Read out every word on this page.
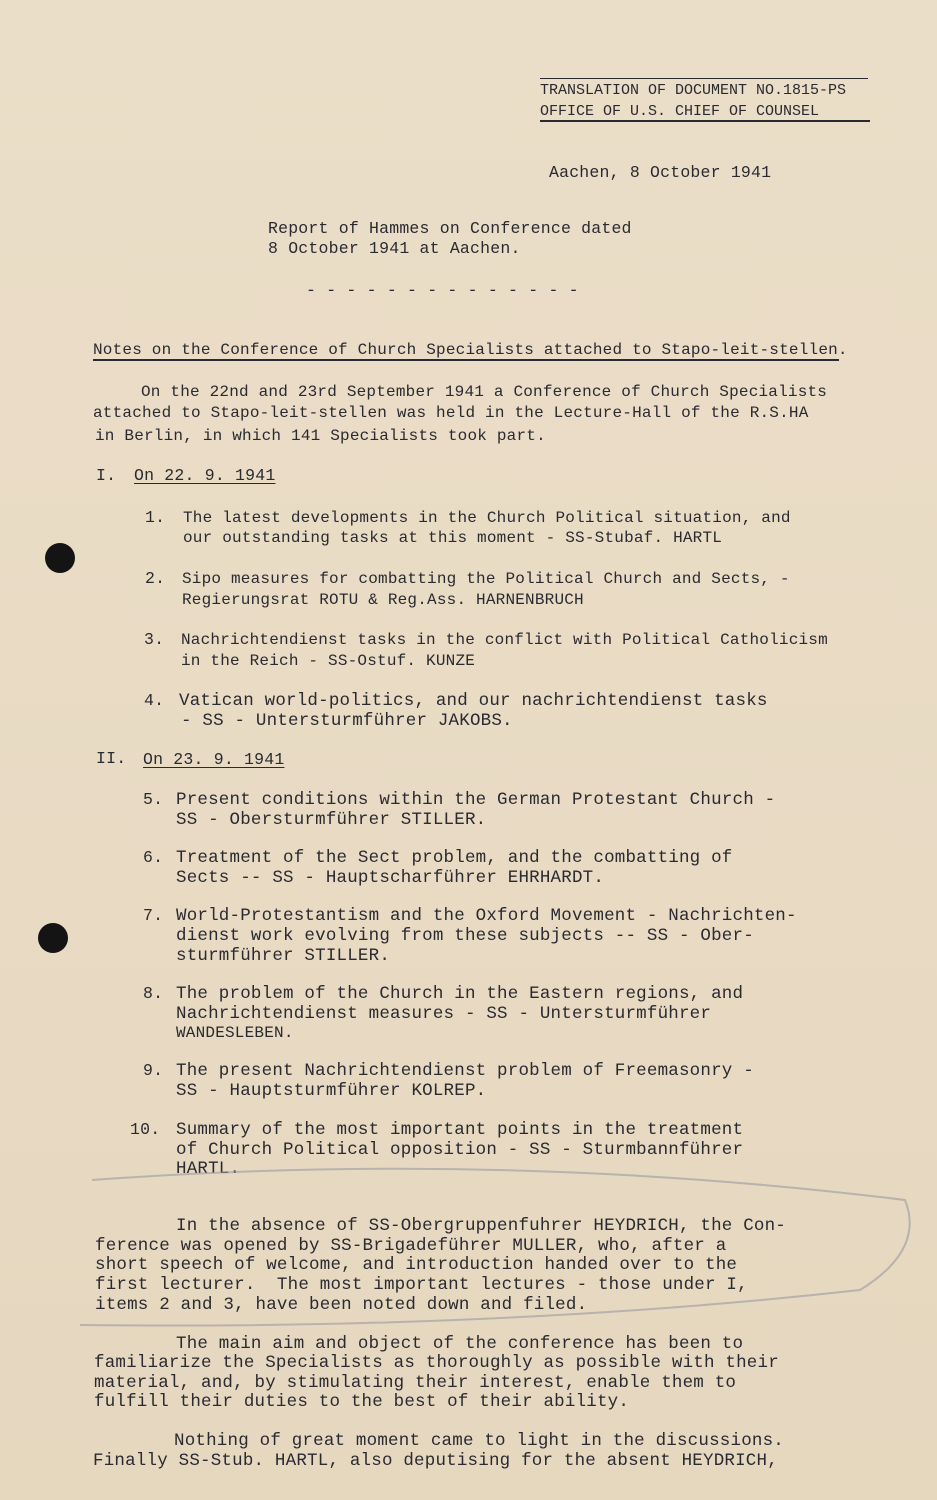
TRANSLATION OF DOCUMENT NO.1815-PS
OFFICE OF U.S. CHIEF OF COUNSEL
Aachen, 8 October 1941
Report of Hammes on Conference dated
8 October 1941 at Aachen.
- - - - - - - - - - - - - -
Notes on the Conference of Church Specialists attached to Stapo-leit-stellen.
On the 22nd and 23rd September 1941 a Conference of Church Specialists
attached to Stapo-leit-stellen was held in the Lecture-Hall of the R.S.HA
in Berlin, in which 141 Specialists took part.
I. On 22. 9. 1941
1. The latest developments in the Church Political situation, and
our outstanding tasks at this moment - SS-Stubaf. HARTL
2. Sipo measures for combatting the Political Church and Sects, -
Regierungsrat ROTU & Reg.Ass. HARNENBRUCH
3. Nachrichtendienst tasks in the conflict with Political Catholicism
in the Reich - SS-Ostuf. KUNZE
4. Vatican world-politics, and our nachrichtendienst tasks
- SS - Untersturmführer JAKOBS.
II. On 23. 9. 1941
5. Present conditions within the German Protestant Church -
SS - Obersturmführer STILLER.
6. Treatment of the Sect problem, and the combatting of
Sects -- SS - Hauptscharführer EHRHARDT.
7. World-Protestantism and the Oxford Movement - Nachrichten-
dienst work evolving from these subjects -- SS - Ober-
sturmführer STILLER.
8. The problem of the Church in the Eastern regions, and
Nachrichtendienst measures - SS - Untersturmführer
WANDESLEBEN.
9. The present Nachrichtendienst problem of Freemasonry -
SS - Hauptsturmführer KOLREP.
10. Summary of the most important points in the treatment
of Church Political opposition - SS - Sturmbannführer
HARTL.
In the absence of SS-Obergruppenfuhrer HEYDRICH, the Con-
ference was opened by SS-Brigadeführer MULLER, who, after a
short speech of welcome, and introduction handed over to the
first lecturer.  The most important lectures - those under I,
items 2 and 3, have been noted down and filed.
The main aim and object of the conference has been to
familiarize the Specialists as thoroughly as possible with their
material, and, by stimulating their interest, enable them to
fulfill their duties to the best of their ability.
Nothing of great moment came to light in the discussions.
Finally SS-Stub. HARTL, also deputising for the absent HEYDRICH,
